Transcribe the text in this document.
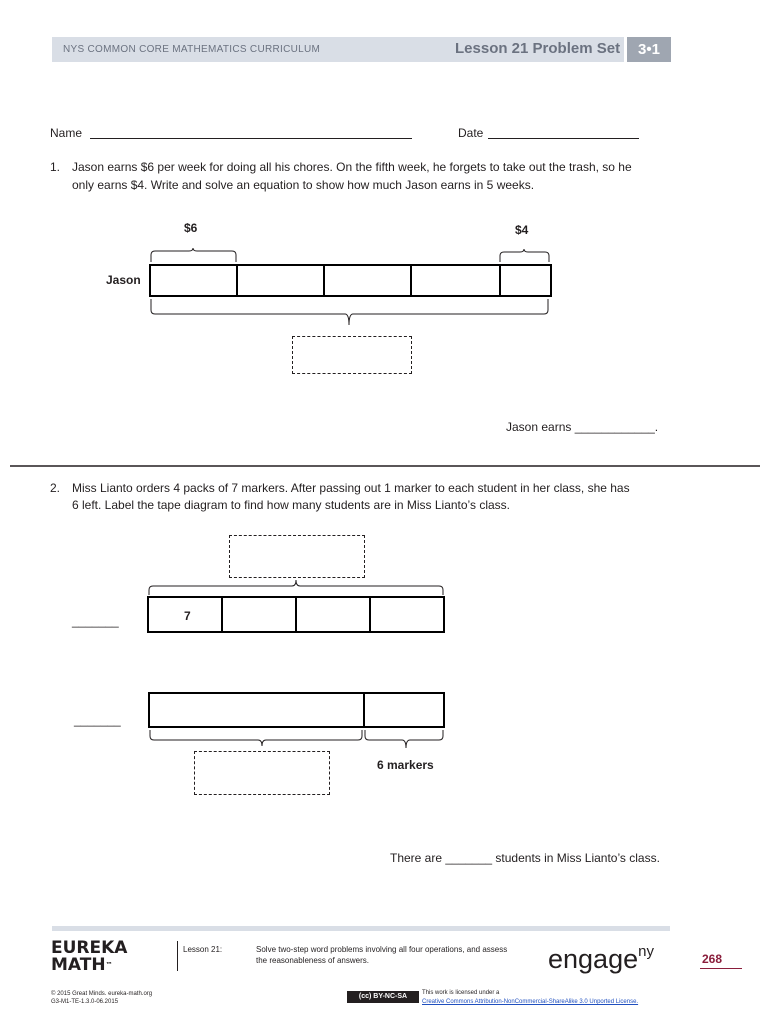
NYS COMMON CORE MATHEMATICS CURRICULUM	Lesson 21 Problem Set	3•1
Name	Date
1. Jason earns $6 per week for doing all his chores. On the fifth week, he forgets to take out the trash, so he
only earns $4. Write and solve an equation to show how much Jason earns in 5 weeks.
$6	$4
Jason
Jason earns ____________.
2. Miss Lianto orders 4 packs of 7 markers. After passing out 1 marker to each student in her class, she has
6 left. Label the tape diagram to find how many students are in Miss Lianto’s class.
_______	7
_______
6 markers
There are _______ students in Miss Lianto’s class.
EUREKA
MATH™
Lesson 21:	Solve two-step word problems involving all four operations, and assess
the reasonableness of answers.	engage$^{ny}$	268
© 2015 Great Minds. eureka-math.org
G3-M1-TE-1.3.0-06.2015
(cc) BY-NC-SA	This work is licensed under a
Creative Commons Attribution-NonCommercial-ShareAlike 3.0 Unported License.
